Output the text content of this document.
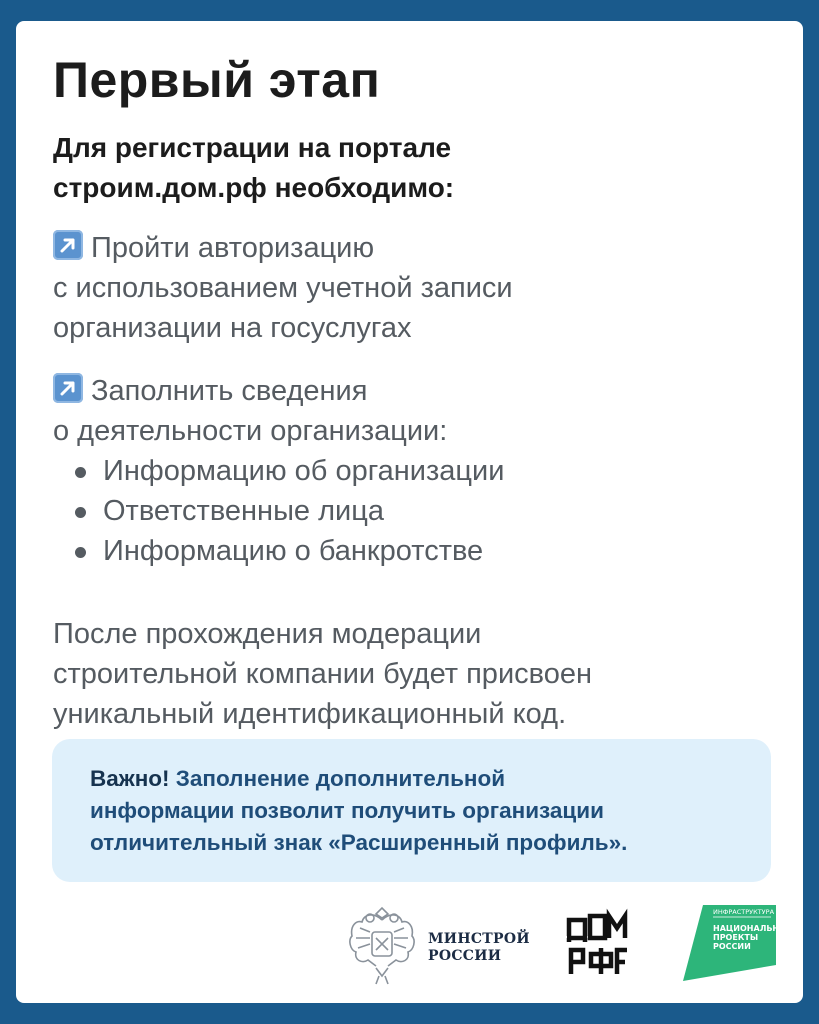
Первый этап
Для регистрации на портале
строим.дом.рф необходимо:
Пройти авторизацию
с использованием учетной записи
организации на госуслугах
Заполнить сведения
о деятельности организации:
Информацию об организации
Ответственные лица
Информацию о банкротстве
После прохождения модерации
строительной компании будет присвоен
уникальный идентификационный код.
Важно! Заполнение дополнительной
информации позволит получить организации
отличительный знак «Расширенный профиль».
МИНСТРОЙ
РОССИИ
ИНФРАСТРУКТУРА
НАЦИОНАЛЬНЫЕ
ПРОЕКТЫ
РОССИИ
